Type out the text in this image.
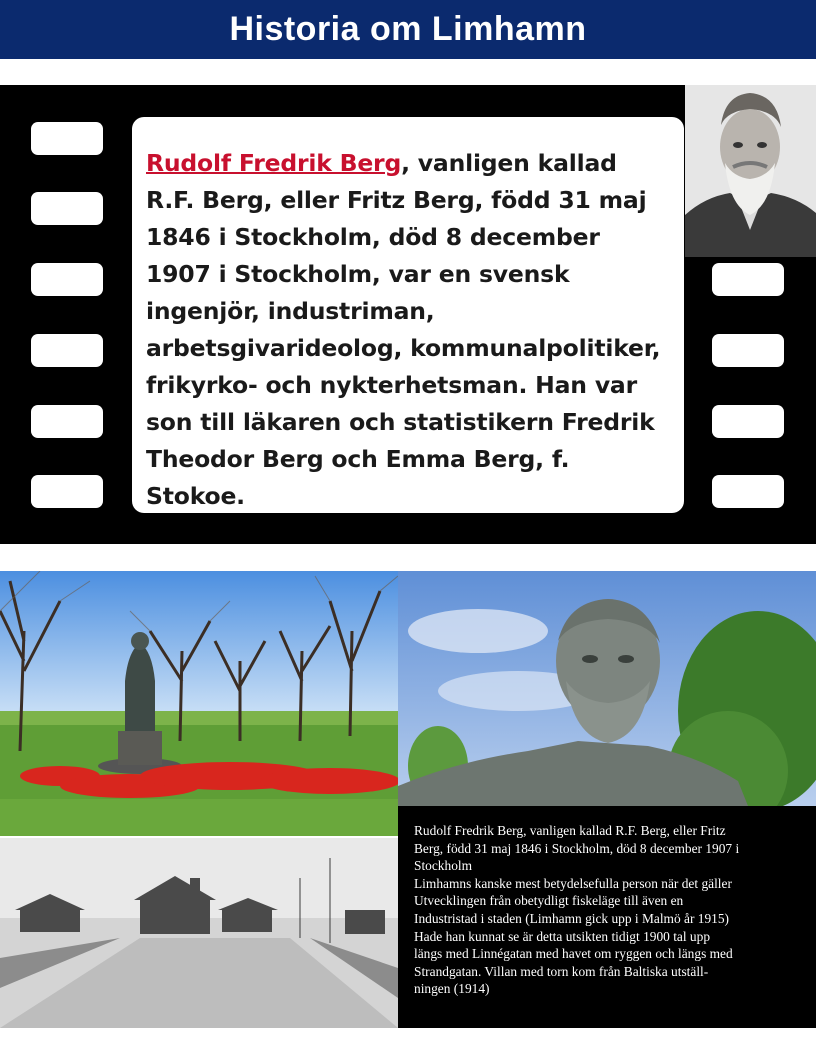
Historia om Limhamn

Rudolf Fredrik Berg, vanligen kallad R.F. Berg, eller Fritz Berg, född 31 maj 1846 i Stockholm, död 8 december 1907 i Stockholm, var en svensk ingenjör, industriman, arbetsgivarideolog, kommunalpolitiker, frikyrko- och nykterhetsman. Han var son till läkaren och statistikern Fredrik Theodor Berg och Emma Berg, f. Stokoe.

Rudolf Fredrik Berg, vanligen kallad R.F. Berg, eller Fritz
Berg, född 31 maj 1846 i Stockholm, död 8 december 1907 i
Stockholm
Limhamns kanske mest betydelsefulla person när det gäller
Utvecklingen från obetydligt fiskeläge till även en
Industristad i staden (Limhamn gick upp i Malmö år 1915)
Hade han kunnat se är detta utsikten tidigt 1900 tal upp
längs med Linnégatan med havet om ryggen och längs med
Strandgatan. Villan med torn kom från Baltiska utställ-
ningen (1914)
